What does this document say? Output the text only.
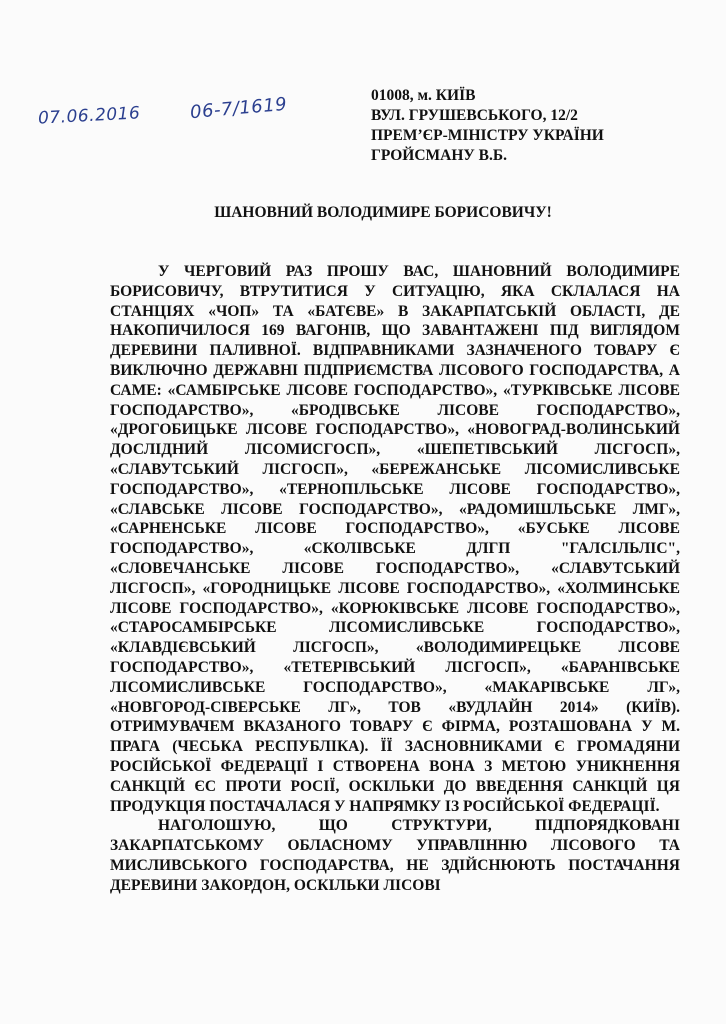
07.06.2016	06-7/1619	01008, м. КИЇВ
ВУЛ. ГРУШЕВСЬКОГО, 12/2
ПРЕМ’ЄР-МІНІСТРУ УКРАЇНИ
ГРОЙСМАНУ В.Б.
ШАНОВНИЙ ВОЛОДИМИРЕ БОРИСОВИЧУ!

У ЧЕРГОВИЙ РАЗ ПРОШУ ВАС, ШАНОВНИЙ ВОЛОДИМИРЕ БОРИСОВИЧУ, ВТРУТИТИСЯ У СИТУАЦІЮ, ЯКА СКЛАЛАСЯ НА СТАНЦІЯХ «ЧОП» ТА «БАТЄВЕ» В ЗАКАРПАТСЬКІЙ ОБЛАСТІ, ДЕ НАКОПИЧИЛОСЯ 169 ВАГОНІВ, ЩО ЗАВАНТАЖЕНІ ПІД ВИГЛЯДОМ ДЕРЕВИНИ ПАЛИВНОЇ. ВІДПРАВНИКАМИ ЗАЗНАЧЕНОГО ТОВАРУ Є ВИКЛЮЧНО ДЕРЖАВНІ ПІДПРИЄМСТВА ЛІСОВОГО ГОСПОДАРСТВА, А САМЕ: «САМБІРСЬКЕ ЛІСОВЕ ГОСПОДАРСТВО», «ТУРКІВСЬКЕ ЛІСОВЕ ГОСПОДАРСТВО», «БРОДІВСЬКЕ ЛІСОВЕ ГОСПОДАРСТВО», «ДРОГОБИЦЬКЕ ЛІСОВЕ ГОСПОДАРСТВО», «НОВОГРАД-ВОЛИНСЬКИЙ ДОСЛІДНИЙ ЛІСОМИСГОСП», «ШЕПЕТІВСЬКИЙ ЛІСГОСП», «СЛАВУТСЬКИЙ ЛІСГОСП», «БЕРЕЖАНСЬКЕ ЛІСОМИСЛИВСЬКЕ ГОСПОДАРСТВО», «ТЕРНОПІЛЬСЬКЕ ЛІСОВЕ ГОСПОДАРСТВО», «СЛАВСЬКЕ ЛІСОВЕ ГОСПОДАРСТВО», «РАДОМИШЛЬСЬКЕ ЛМГ», «САРНЕНСЬКЕ ЛІСОВЕ ГОСПОДАРСТВО», «БУСЬКЕ ЛІСОВЕ ГОСПОДАРСТВО», «СКОЛІВСЬКЕ ДЛГП "ГАЛСІЛЬЛІС", «СЛОВЕЧАНСЬКЕ ЛІСОВЕ ГОСПОДАРСТВО», «СЛАВУТСЬКИЙ ЛІСГОСП», «ГОРОДНИЦЬКЕ ЛІСОВЕ ГОСПОДАРСТВО», «ХОЛМИНСЬКЕ ЛІСОВЕ ГОСПОДАРСТВО», «КОРЮКІВСЬКЕ ЛІСОВЕ ГОСПОДАРСТВО», «СТАРОСАМБІРСЬКЕ ЛІСОМИСЛИВСЬКЕ ГОСПОДАРСТВО», «КЛАВДІЄВСЬКИЙ ЛІСГОСП», «ВОЛОДИМИРЕЦЬКЕ ЛІСОВЕ ГОСПОДАРСТВО», «ТЕТЕРІВСЬКИЙ ЛІСГОСП», «БАРАНІВСЬКЕ ЛІСОМИСЛИВСЬКЕ ГОСПОДАРСТВО», «МАКАРІВСЬКЕ ЛГ», «НОВГОРОД-СІВЕРСЬКЕ ЛГ», ТОВ «ВУДЛАЙН 2014» (КИЇВ). ОТРИМУВАЧЕМ ВКАЗАНОГО ТОВАРУ Є ФІРМА, РОЗТАШОВАНА У М. ПРАГА (ЧЕСЬКА РЕСПУБЛІКА). ЇЇ ЗАСНОВНИКАМИ Є ГРОМАДЯНИ РОСІЙСЬКОЇ ФЕДЕРАЦІЇ І СТВОРЕНА ВОНА З МЕТОЮ УНИКНЕННЯ САНКЦІЙ ЄС ПРОТИ РОСІЇ, ОСКІЛЬКИ ДО ВВЕДЕННЯ САНКЦІЙ ЦЯ ПРОДУКЦІЯ ПОСТАЧАЛАСЯ У НАПРЯМКУ ІЗ РОСІЙСЬКОЇ ФЕДЕРАЦІЇ.

НАГОЛОШУЮ, ЩО СТРУКТУРИ, ПІДПОРЯДКОВАНІ ЗАКАРПАТСЬКОМУ ОБЛАСНОМУ УПРАВЛІННЮ ЛІСОВОГО ТА МИСЛИВСЬКОГО ГОСПОДАРСТВА, НЕ ЗДІЙСНЮЮТЬ ПОСТАЧАННЯ ДЕРЕВИНИ ЗАКОРДОН, ОСКІЛЬКИ ЛІСОВІ
